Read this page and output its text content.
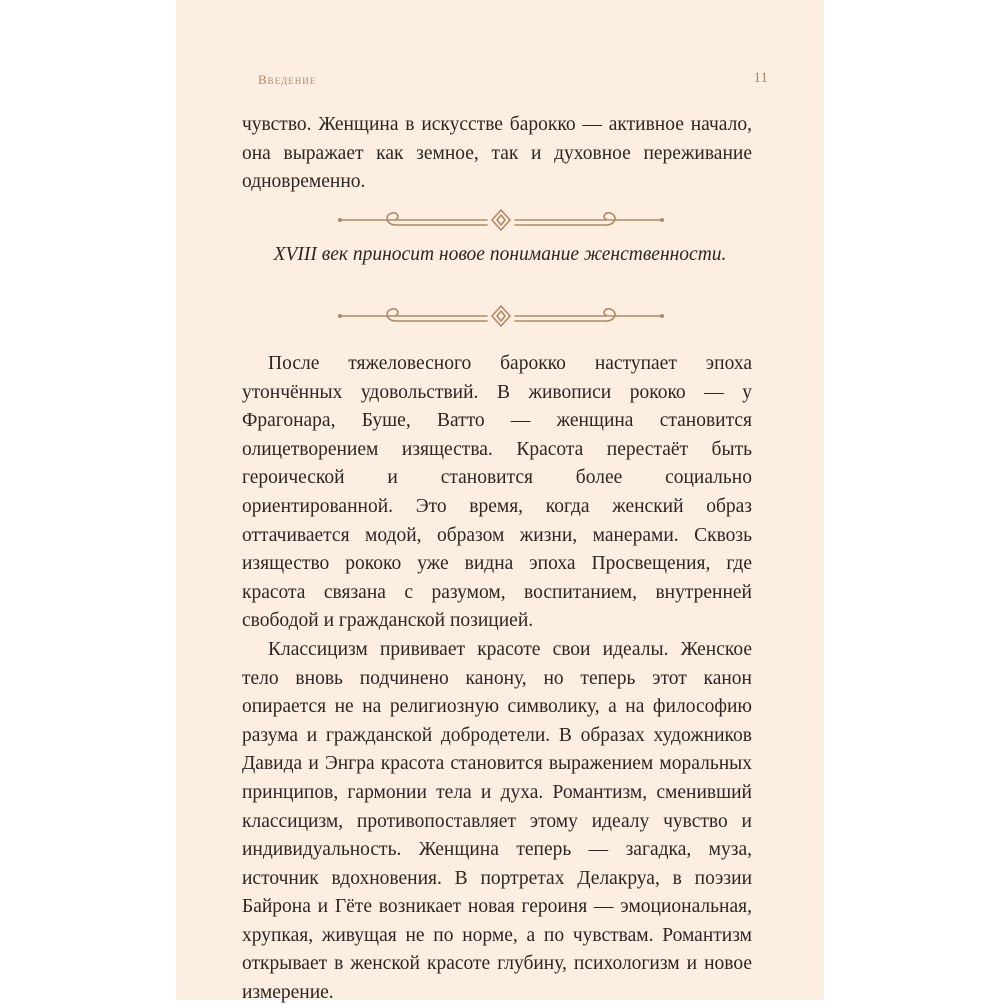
Введение	11

чувство. Женщина в искусстве барокко — активное начало, она выражает как земное, так и духовное переживание одновременно.

XVIII век приносит новое понимание женственности.

После тяжеловесного барокко наступает эпоха утончённых удовольствий. В живописи рококо — у Фрагонара, Буше, Ватто — женщина становится олицетворением изящества. Красота перестаёт быть героической и становится более социально ориентированной. Это время, когда женский образ оттачивается модой, образом жизни, манерами. Сквозь изящество рококо уже видна эпоха Просвещения, где красота связана с разумом, воспитанием, внутренней свободой и гражданской позицией.

Классицизм прививает красоте свои идеалы. Женское тело вновь подчинено канону, но теперь этот канон опирается не на религиозную символику, а на философию разума и гражданской добродетели. В образах художников Давида и Энгра красота становится выражением моральных принципов, гармонии тела и духа. Романтизм, сменивший классицизм, противопоставляет этому идеалу чувство и индивидуальность. Женщина теперь — загадка, муза, источник вдохновения. В портретах Делакруа, в поэзии Байрона и Гёте возникает новая героиня — эмоциональная, хрупкая, живущая не по норме, а по чувствам. Романтизм открывает в женской красоте глубину, психологизм и новое измерение.
